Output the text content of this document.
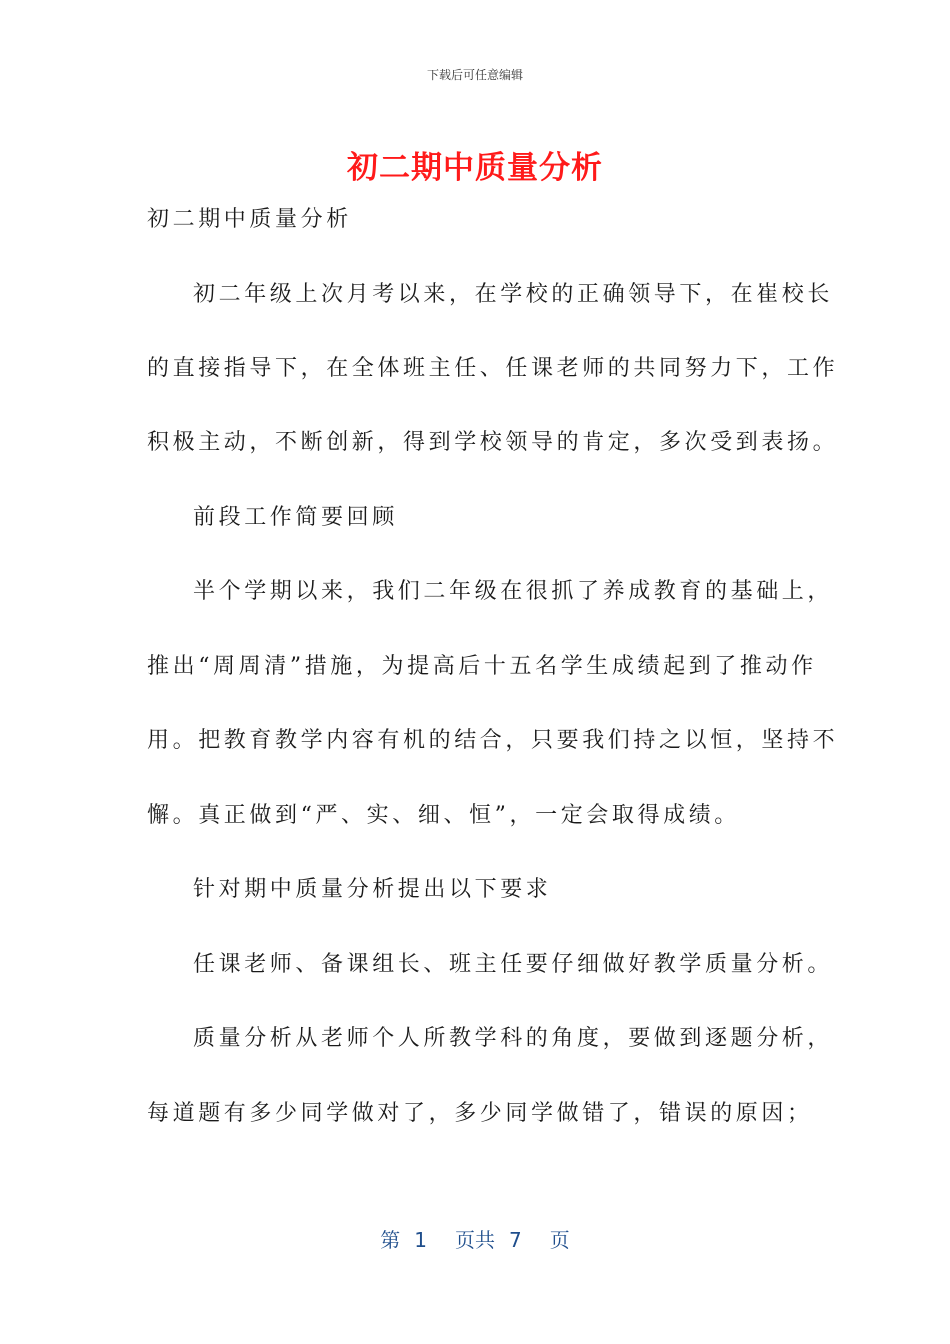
下载后可任意编辑
初二期中质量分析
初二期中质量分析
初二年级上次月考以来，在学校的正确领导下，在崔校长
的直接指导下，在全体班主任、任课老师的共同努力下，工作
积极主动，不断创新，得到学校领导的肯定，多次受到表扬。
前段工作简要回顾
半个学期以来，我们二年级在很抓了养成教育的基础上，
推出“周周清”措施，为提高后十五名学生成绩起到了推动作
用。把教育教学内容有机的结合，只要我们持之以恒，坚持不
懈。真正做到“严、实、细、恒”，一定会取得成绩。
针对期中质量分析提出以下要求
任课老师、备课组长、班主任要仔细做好教学质量分析。
质量分析从老师个人所教学科的角度，要做到逐题分析，
每道题有多少同学做对了，多少同学做错了，错误的原因；
第 1 页共 7 页
